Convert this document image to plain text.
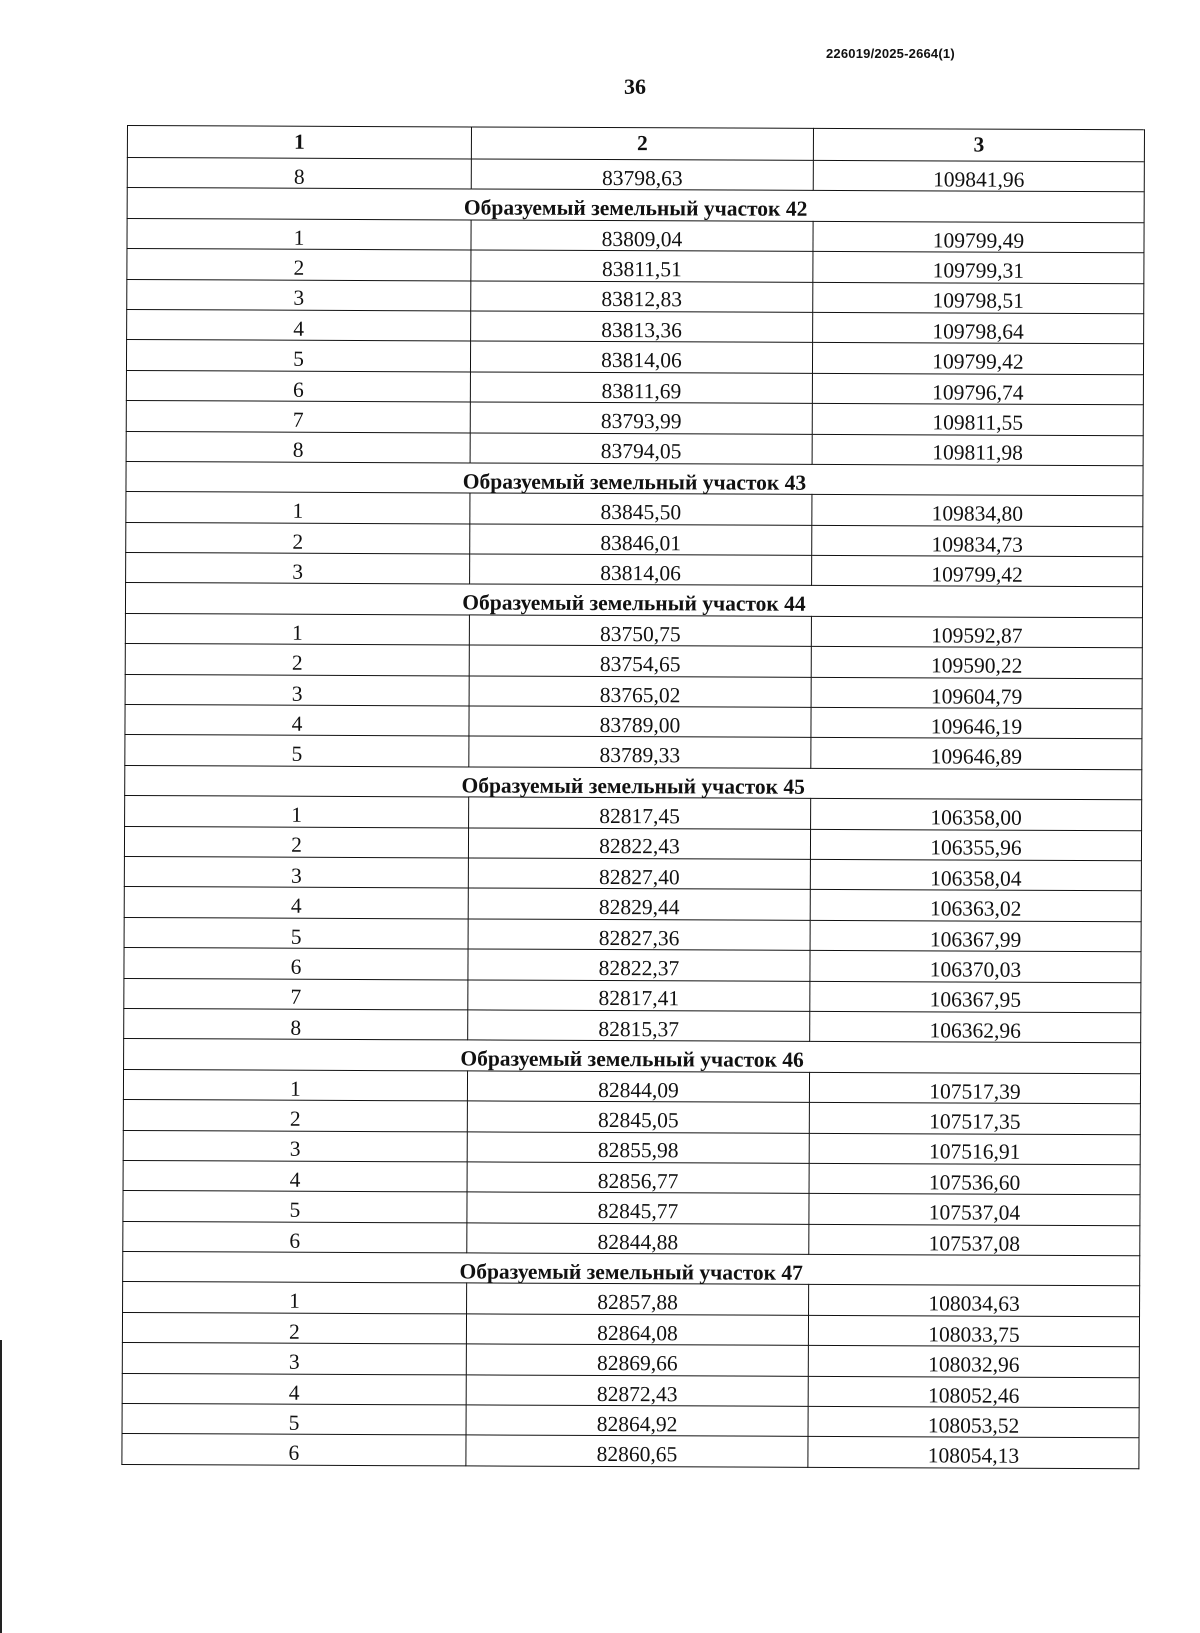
226019/2025-2664(1)
36
1	2	3
8	83798,63	109841,96
Образуемый земельный участок 42		
1	83809,04	109799,49
2	83811,51	109799,31
3	83812,83	109798,51
4	83813,36	109798,64
5	83814,06	109799,42
6	83811,69	109796,74
7	83793,99	109811,55
8	83794,05	109811,98
Образуемый земельный участок 43		
1	83845,50	109834,80
2	83846,01	109834,73
3	83814,06	109799,42
Образуемый земельный участок 44		
1	83750,75	109592,87
2	83754,65	109590,22
3	83765,02	109604,79
4	83789,00	109646,19
5	83789,33	109646,89
Образуемый земельный участок 45		
1	82817,45	106358,00
2	82822,43	106355,96
3	82827,40	106358,04
4	82829,44	106363,02
5	82827,36	106367,99
6	82822,37	106370,03
7	82817,41	106367,95
8	82815,37	106362,96
Образуемый земельный участок 46		
1	82844,09	107517,39
2	82845,05	107517,35
3	82855,98	107516,91
4	82856,77	107536,60
5	82845,77	107537,04
6	82844,88	107537,08
Образуемый земельный участок 47		
1	82857,88	108034,63
2	82864,08	108033,75
3	82869,66	108032,96
4	82872,43	108052,46
5	82864,92	108053,52
6	82860,65	108054,13
